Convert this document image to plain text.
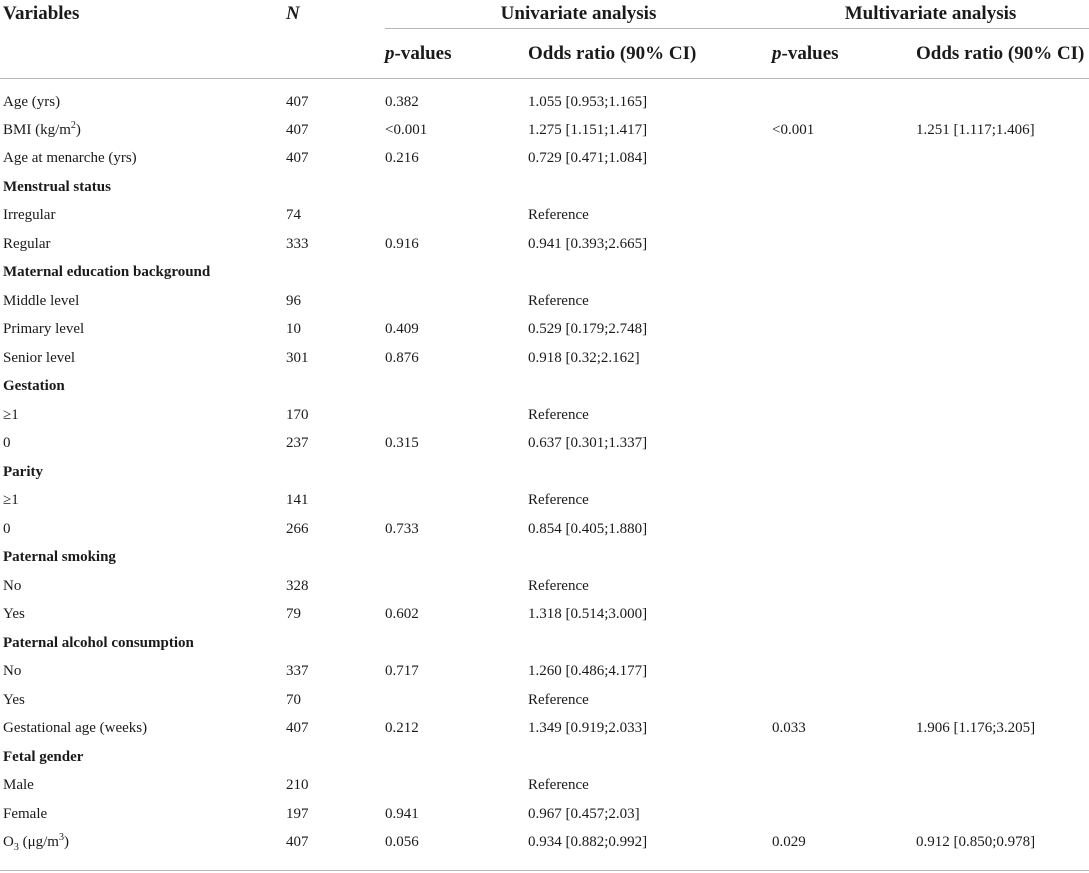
Variables	N	Univariate analysis		Multivariate analysis	
		p-values	Odds ratio (90% CI)	p-values	Odds ratio (90% CI)
Age (yrs)	407	0.382	1.055 [0.953;1.165]		
BMI $(kg/m^2)$	407	<0.001	1.275 [1.151;1.417]	<0.001	1.251 [1.117;1.406]
Age at menarche (yrs)	407	0.216	0.729 [0.471;1.084]		
Menstrual status					
Irregular	74		Reference		
Regular	333	0.916	0.941 [0.393;2.665]		
Maternal education background					
Middle level	96		Reference		
Primary level	10	0.409	0.529 [0.179;2.748]		
Senior level	301	0.876	0.918 [0.32;2.162]		
Gestation					
≥1	170		Reference		
0	237	0.315	0.637 [0.301;1.337]		
Parity					
≥1	141		Reference		
0	266	0.733	0.854 [0.405;1.880]		
Paternal smoking					
No	328		Reference		
Yes	79	0.602	1.318 [0.514;3.000]		
Paternal alcohol consumption					
No	337	0.717	1.260 [0.486;4.177]		
Yes	70		Reference		
Gestational age (weeks)	407	0.212	1.349 [0.919;2.033]	0.033	1.906 [1.176;3.205]
Fetal gender					
Male	210		Reference		
Female	197	0.941	0.967 [0.457;2.03]		
$O_3$ $(\mu g/m^3)$	407	0.056	0.934 [0.882;0.992]	0.029	0.912 [0.850;0.978]
